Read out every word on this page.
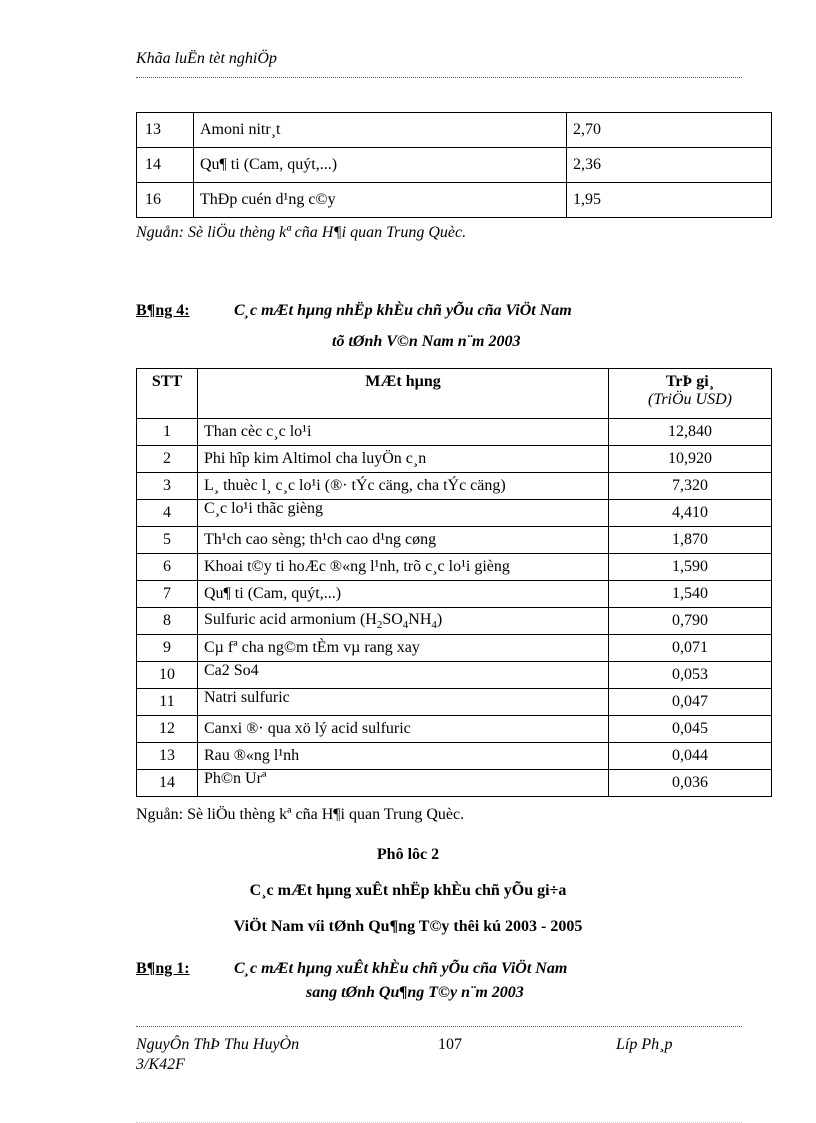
Khãa luËn tèt nghiÖp
13	Amoni nitr¸t	2,70
14	Qu¶ ti (Cam, quýt,...)	2,36
16	ThÐp cuén d¹ng c©y	1,95
Nguån: Sè liÖu thèng kª cña H¶i quan Trung Quèc.
B¶ng 4:	C¸c mÆt hµng nhËp khÈu chñ yÕu cña ViÖt Nam
tõ tØnh V©n Nam n¨m 2003
STT	MÆt hµng	TrÞ gi¸
(TriÖu USD)

1	Than cèc c¸c lo¹i	12,840
2	Phi hîp kim Altimol cha luyÖn c¸n	10,920
3	L¸ thuèc l¸ c¸c lo¹i (®· tÝc cäng, cha tÝc cäng)	7,320
4	C¸c lo¹i thãc gièng	4,410
5	Th¹ch cao sèng; th¹ch cao d¹ng cøng	1,870
6	Khoai t©y ti hoÆc ®«ng l¹nh, trõ c¸c lo¹i gièng	1,590
7	Qu¶ ti (Cam, quýt,...)	1,540
8	Sulfuric acid armonium $(H_2SO_4NH_4)$	0,790
9	Cµ fª cha ng©m tÈm vµ rang xay	0,071
10	Ca2 So4	0,053
11	Natri sulfuric	0,047
12	Canxi ®· qua xö lý acid sulfuric	0,045
13	Rau ®«ng l¹nh	0,044
14	Ph©n Urª	0,036
Nguån: Sè liÖu thèng kª cña H¶i quan Trung Quèc.
Phô lôc 2
C¸c mÆt hµng xuÊt nhËp khÈu chñ yÕu gi÷a
ViÖt Nam víi tØnh Qu¶ng T©y thêi kú 2003 - 2005
B¶ng 1:	C¸c mÆt hµng xuÊt khÈu chñ yÕu cña ViÖt Nam
sang tØnh Qu¶ng T©y n¨m 2003
NguyÔn ThÞ Thu HuyÒn	107	Líp Ph¸p
3/K42F
